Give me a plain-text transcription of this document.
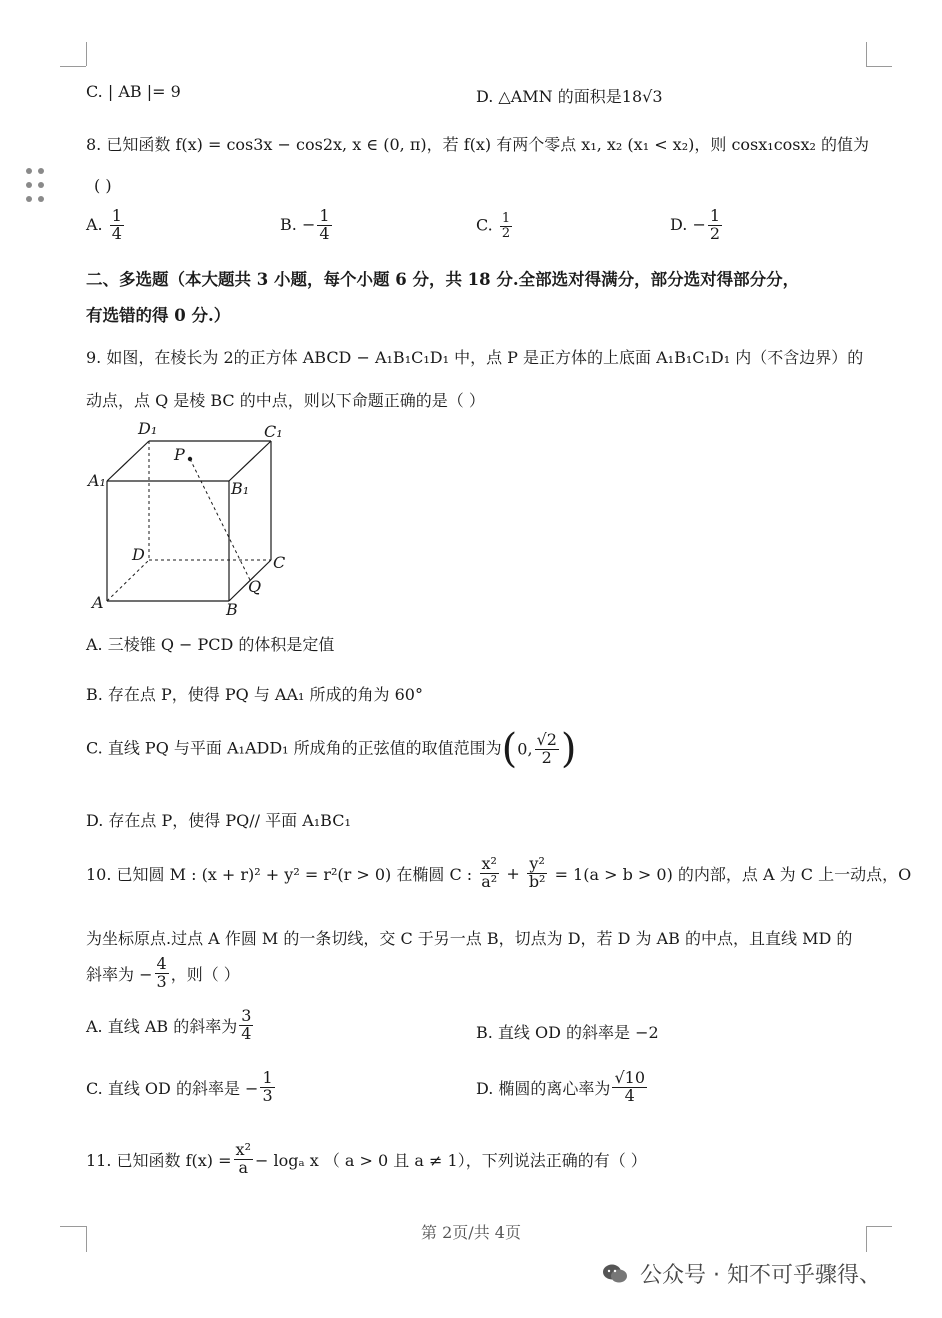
C. | AB |= 9	D. △AMN 的面积是18√3
8. 已知函数 f(x) = cos3x − cos2x, x ∈ (0, π)，若 f(x) 有两个零点 x₁, x₂ (x₁ < x₂)，则 cosx₁cosx₂ 的值为
( )
A. $\frac{1}{4}$	B. − $\frac{1}{4}$	C. $\frac{1}{2}$	D. − $\frac{1}{2}$
二、多选题（本大题共 3 小题，每个小题 6 分，共 18 分.全部选对得满分，部分选对得部分分，
有选错的得 0 分.）
9. 如图，在棱长为 2的正方体 ABCD − A₁B₁C₁D₁ 中，点 P 是正方体的上底面 A₁B₁C₁D₁ 内（不含边界）的
动点，点 Q 是棱 BC 的中点，则以下命题正确的是（ ）
D₁	C₁
A₁	B₁
P
D	C
Q
A	B
A. 三棱锥 Q − PCD 的体积是定值
B. 存在点 P，使得 PQ 与 AA₁ 所成的角为 60°
C. 直线 PQ 与平面 A₁ADD₁ 所成角的正弦值的取值范围为(0, $\frac{√2}{2}$ )
D. 存在点 P，使得 PQ// 平面 A₁BC₁
10. 已知圆 M : (x + r)² + y² = r²(r > 0) 在椭圆 C : $\frac{\text{x²}}{\text{a²}} + \frac{\text{y²}}{\text{b²}} = 1(a > b > 0)$ 的内部，点 A 为 C 上一动点，O
为坐标原点.过点 A 作圆 M 的一条切线，交 C 于另一点 B，切点为 D，若 D 为 AB 的中点，且直线 MD 的
斜率为 − $\frac{4}{3}$ ，则（ ）
A. 直线 AB 的斜率为 $\frac{3}{4}$	B. 直线 OD 的斜率是 −2
C. 直线 OD 的斜率是 − $\frac{1}{3}$	D. 椭圆的离心率为 $\frac{√10}{4}$
11. 已知函数 $f(x) = \frac{\text{x²}}{a} - \log_a$ x （ a > 0 且 a ≠ 1），下列说法正确的有（ ）
第 2页/共 4页
公众号 · 知不可乎骤得、
